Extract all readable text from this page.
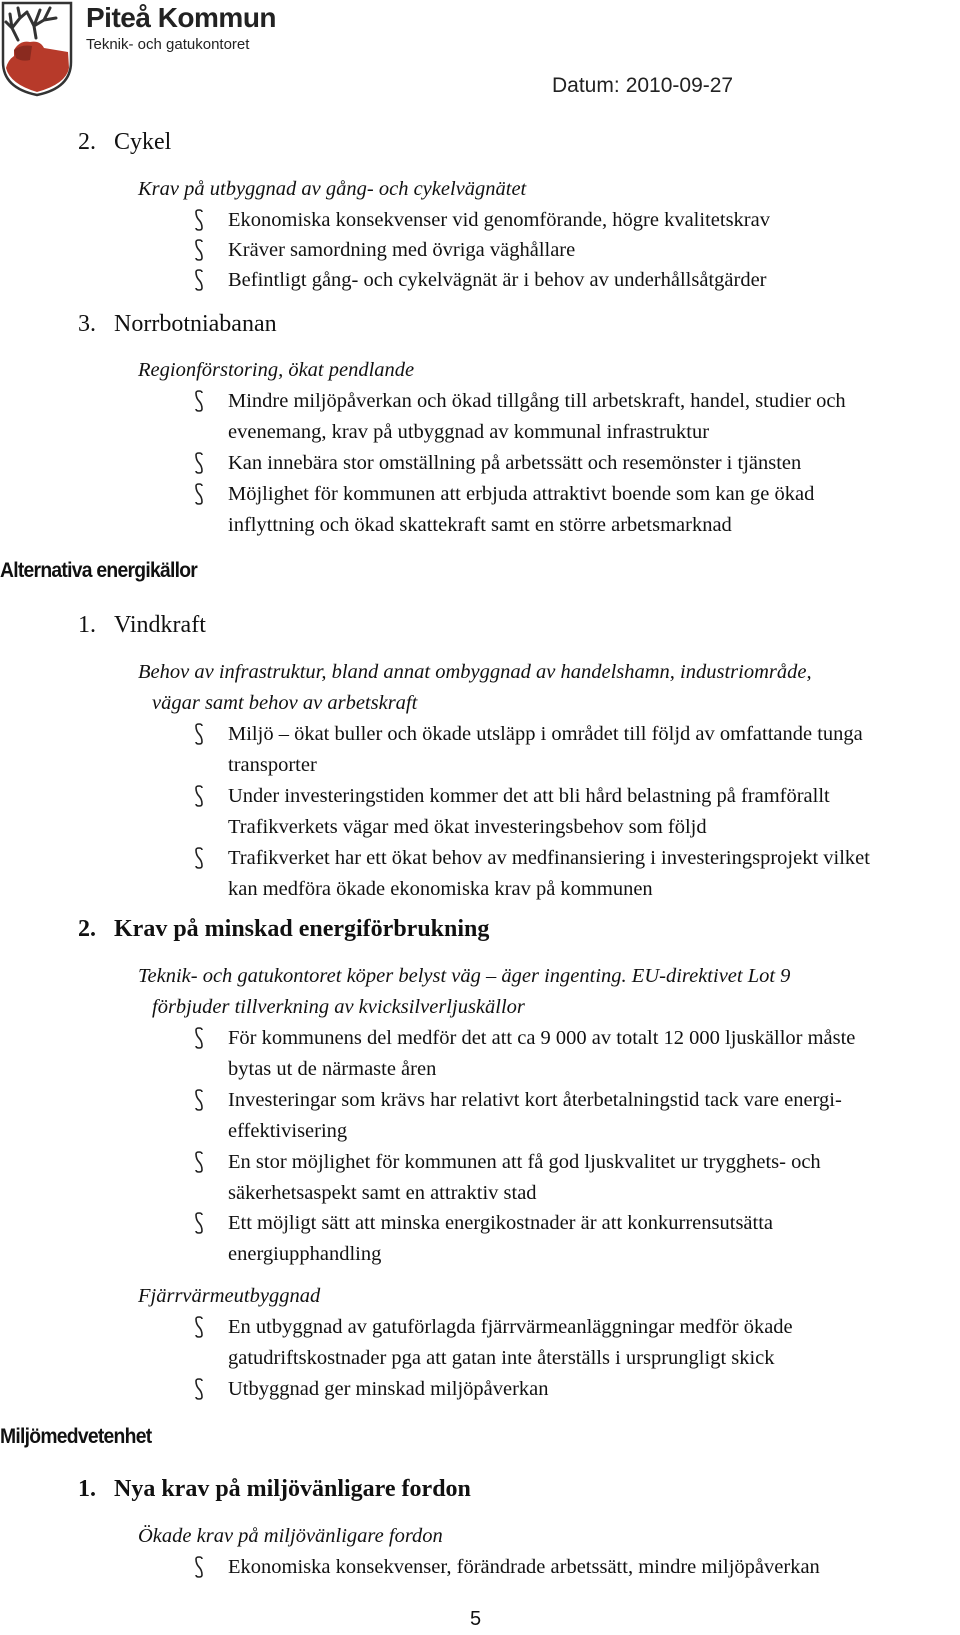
Piteå Kommun
Teknik- och gatukontoret
Datum: 2010-09-27
2. Cykel
Krav på utbyggnad av gång- och cykelvägnätet
Ekonomiska konsekvenser vid genomförande, högre kvalitetskrav
Kräver samordning med övriga väghållare
Befintligt gång- och cykelvägnät är i behov av underhållsåtgärder
3. Norrbotniabanan
Regionförstoring, ökat pendlande
Mindre miljöpåverkan och ökad tillgång till arbetskraft, handel, studier och
evenemang, krav på utbyggnad av kommunal infrastruktur
Kan innebära stor omställning på arbetssätt och resemönster i tjänsten
Möjlighet för kommunen att erbjuda attraktivt boende som kan ge ökad
inflyttning och ökad skattekraft samt en större arbetsmarknad
Alternativa energikällor
1. Vindkraft
Behov av infrastruktur, bland annat ombyggnad av handelshamn, industriområde,
vägar samt behov av arbetskraft
Miljö – ökat buller och ökade utsläpp i området till följd av omfattande tunga
transporter
Under investeringstiden kommer det att bli hård belastning på framförallt
Trafikverkets vägar med ökat investeringsbehov som följd
Trafikverket har ett ökat behov av medfinansiering i investeringsprojekt vilket
kan medföra ökade ekonomiska krav på kommunen
2. Krav på minskad energiförbrukning
Teknik- och gatukontoret köper belyst väg – äger ingenting. EU-direktivet Lot 9
förbjuder tillverkning av kvicksilverljuskällor
För kommunens del medför det att ca 9 000 av totalt 12 000 ljuskällor måste
bytas ut de närmaste åren
Investeringar som krävs har relativt kort återbetalningstid tack vare energi-
effektivisering
En stor möjlighet för kommunen att få god ljuskvalitet ur trygghets- och
säkerhetsaspekt samt en attraktiv stad
Ett möjligt sätt att minska energikostnader är att konkurrensutsätta
energiupphandling
Fjärrvärmeutbyggnad
En utbyggnad av gatuförlagda fjärrvärmeanläggningar medför ökade
gatudriftskostnader pga att gatan inte återställs i ursprungligt skick
Utbyggnad ger minskad miljöpåverkan
Miljömedvetenhet
1. Nya krav på miljövänligare fordon
Ökade krav på miljövänligare fordon
Ekonomiska konsekvenser, förändrade arbetssätt, mindre miljöpåverkan
5
